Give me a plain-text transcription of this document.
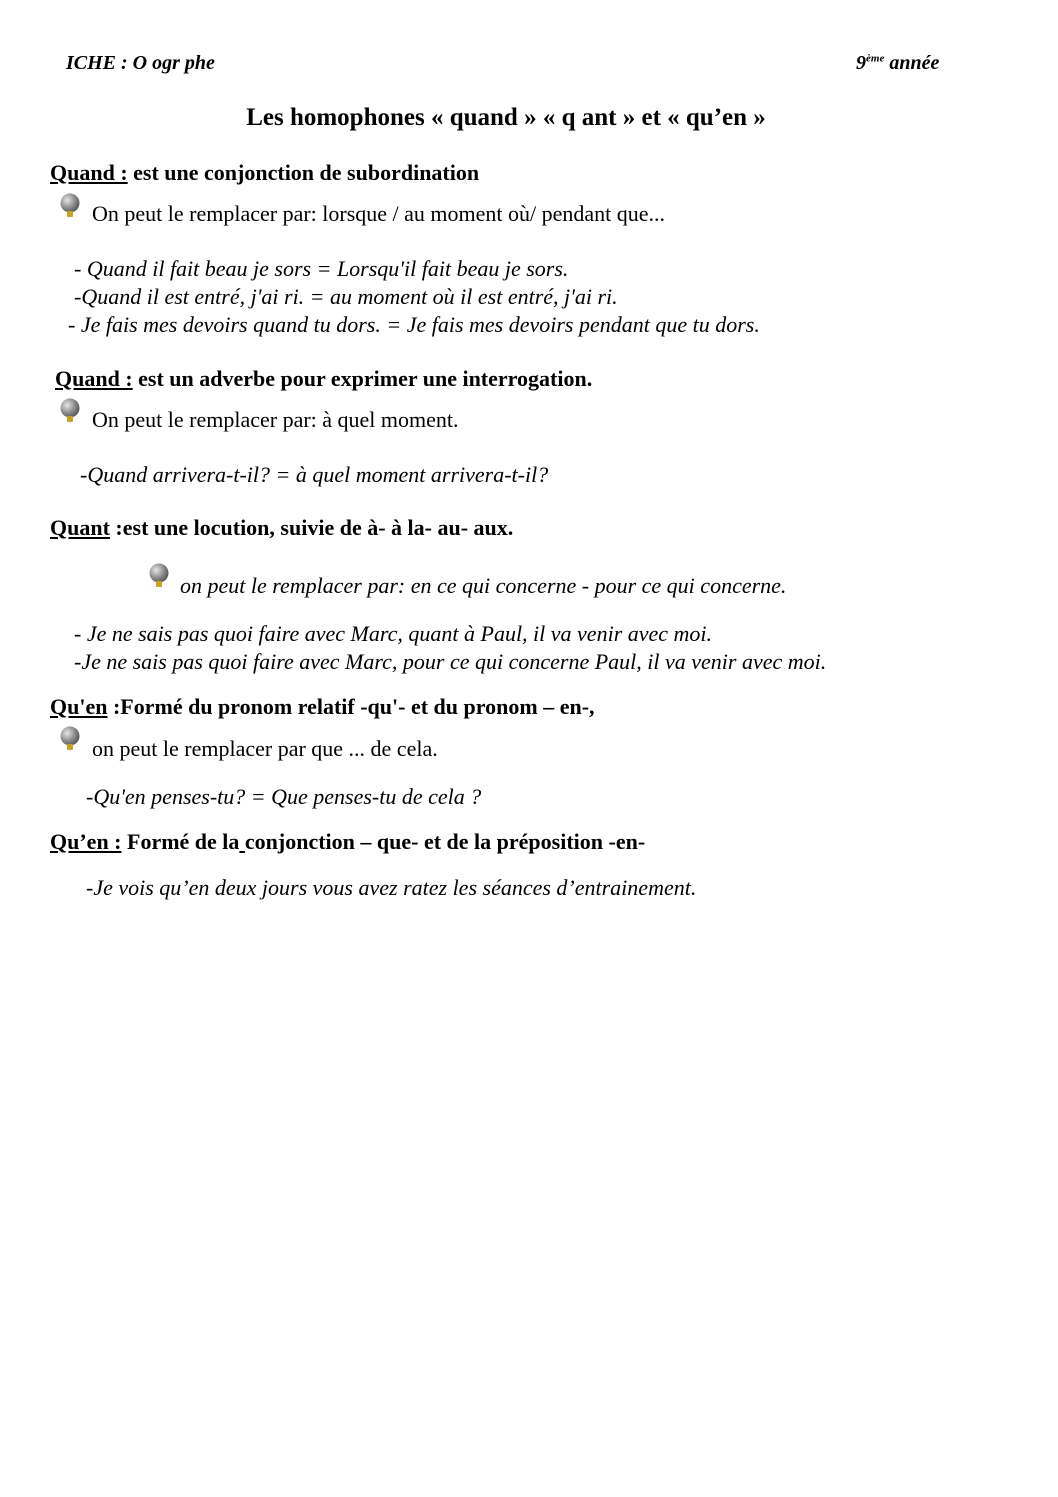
ICHE : O ogr phe	9ème année
Les homophones « quand » « q ant » et « qu’en »
Quand : est une conjonction de subordination
On peut le remplacer par: lorsque / au moment où/ pendant que...
- Quand il fait beau je sors = Lorsqu'il fait beau je sors.
-Quand il est entré, j'ai ri. = au moment où il est entré, j'ai ri.
- Je fais mes devoirs quand tu dors. = Je fais mes devoirs pendant que tu dors.
Quand : est un adverbe pour exprimer une interrogation.
On peut le remplacer par: à quel moment.
-Quand arrivera-t-il? = à quel moment arrivera-t-il?
Quant :est une locution, suivie de à- à la- au- aux.
on peut le remplacer par: en ce qui concerne - pour ce qui concerne.
- Je ne sais pas quoi faire avec Marc, quant à Paul, il va venir avec moi.
-Je ne sais pas quoi faire avec Marc, pour ce qui concerne Paul, il va venir avec moi.
Qu'en :Formé du pronom relatif -qu'- et du pronom – en-,
on peut le remplacer par que ... de cela.
-Qu'en penses-tu? = Que penses-tu de cela ?
Qu’en : Formé de la conjonction – que- et de la préposition -en-
-Je vois qu’en deux jours vous avez ratez les séances d’entrainement.
